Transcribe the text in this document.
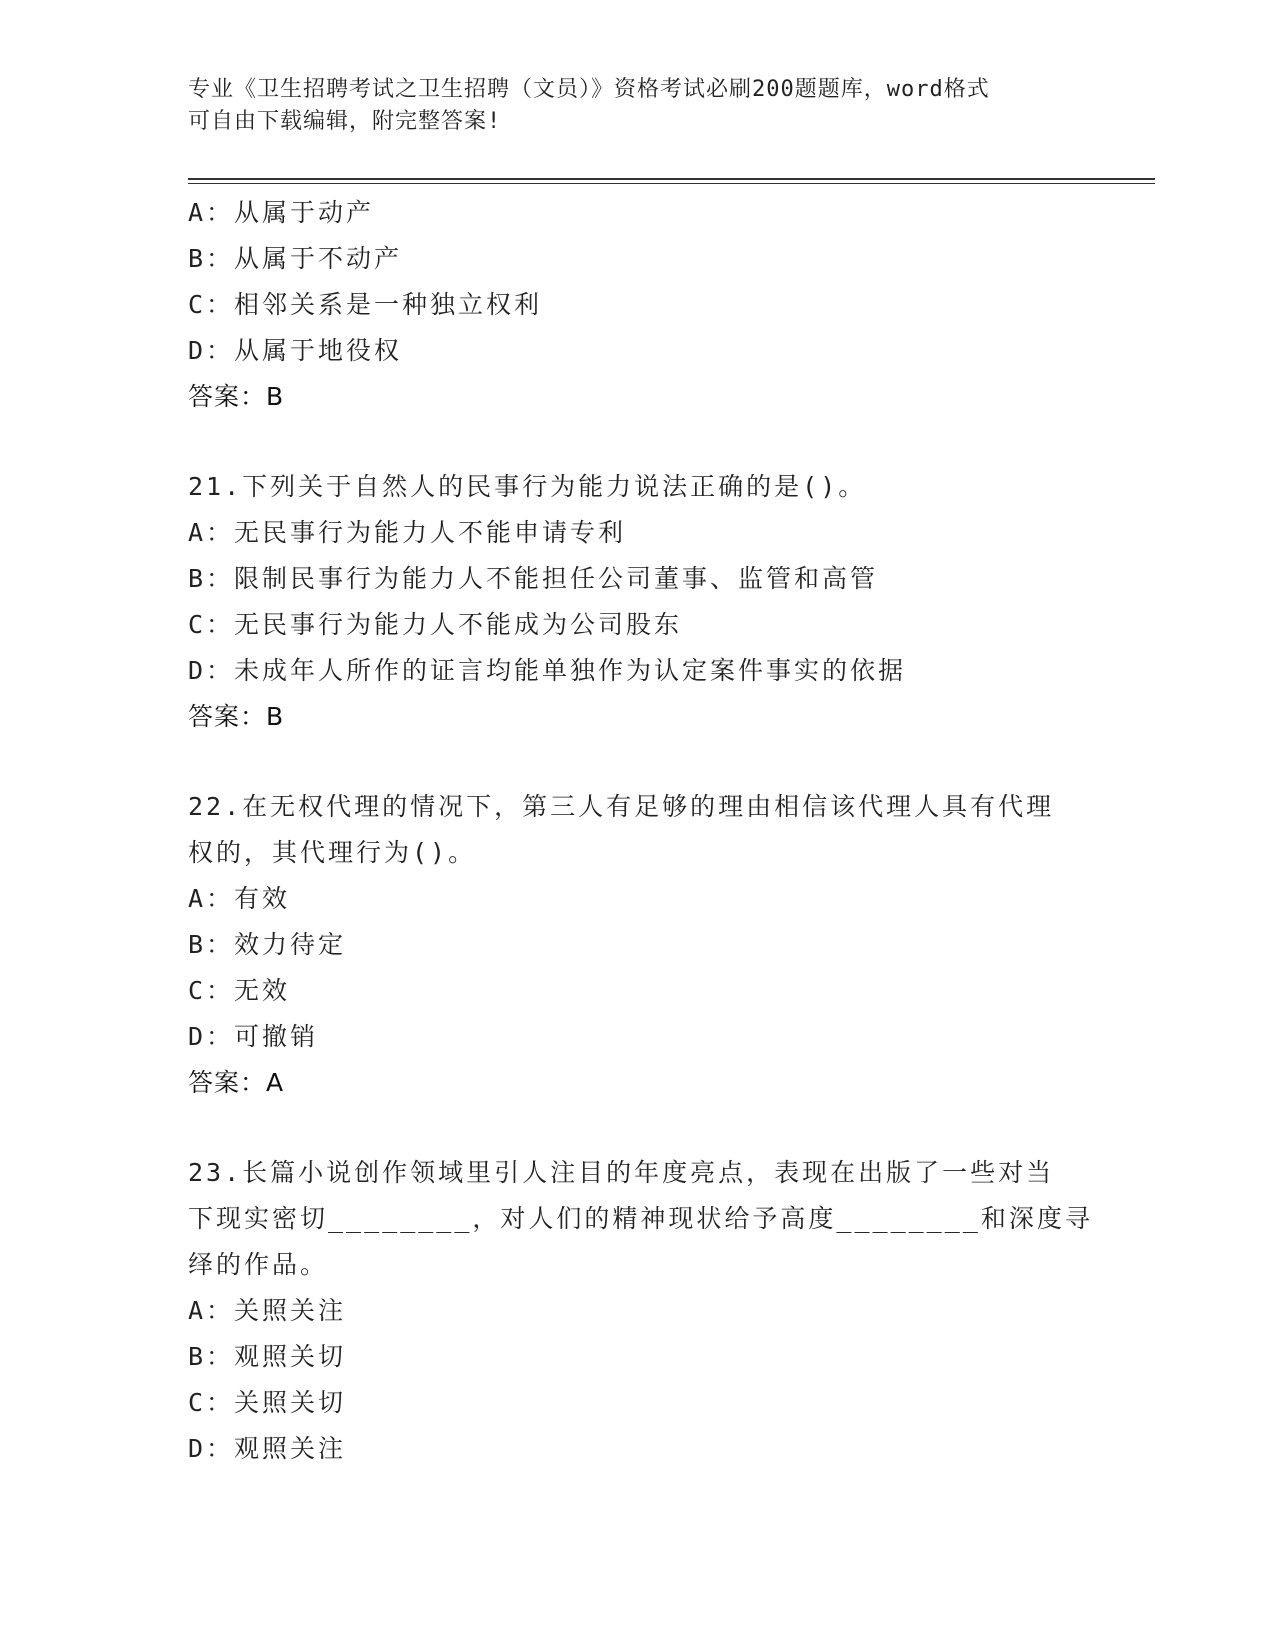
专业《卫生招聘考试之卫生招聘（文员）》资格考试必刷200题题库，word格式
可自由下载编辑，附完整答案!
A：从属于动产
B：从属于不动产
C：相邻关系是一种独立权利
D：从属于地役权
答案：B
21.下列关于自然人的民事行为能力说法正确的是()。
A：无民事行为能力人不能申请专利
B：限制民事行为能力人不能担任公司董事、监管和高管
C：无民事行为能力人不能成为公司股东
D：未成年人所作的证言均能单独作为认定案件事实的依据
答案：B
22.在无权代理的情况下，第三人有足够的理由相信该代理人具有代理
权的，其代理行为()。
A：有效
B：效力待定
C：无效
D：可撤销
答案：A
23.长篇小说创作领域里引人注目的年度亮点，表现在出版了一些对当
下现实密切________，对人们的精神现状给予高度________和深度寻
绎的作品。
A：关照关注
B：观照关切
C：关照关切
D：观照关注
